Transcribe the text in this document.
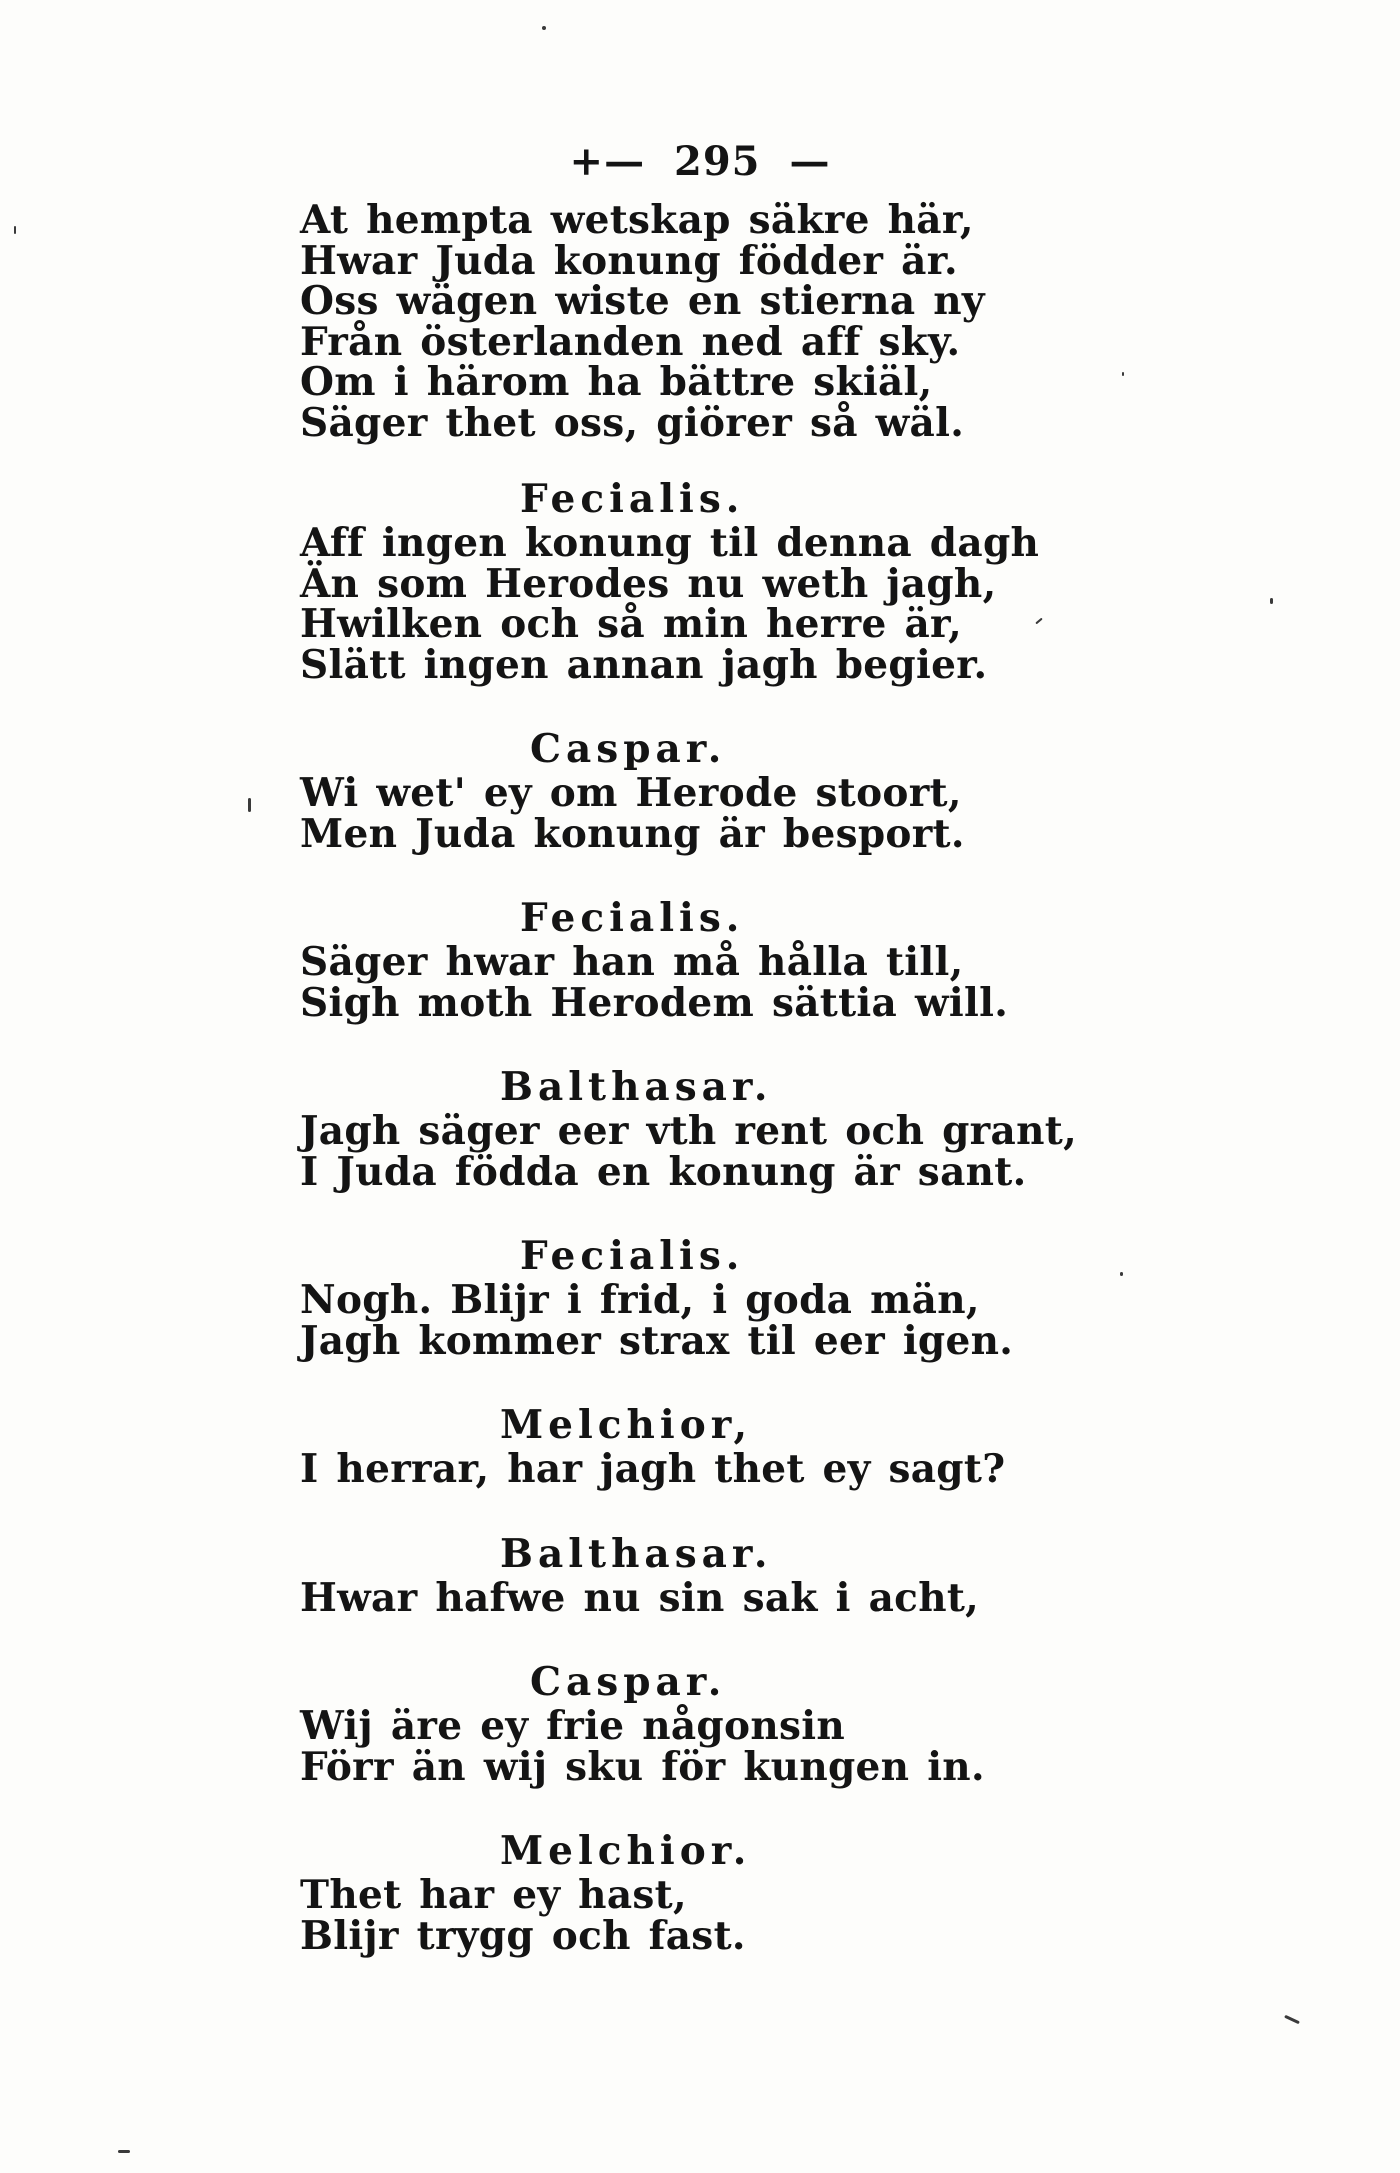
+— 295 —
At hempta wetskap säkre här,
Hwar Juda konung födder är.
Oss wägen wiste en stierna ny
Från österlanden ned aff sky.
Om i härom ha bättre skiäl,
Säger thet oss, giörer så wäl.
Fecialis.
Aff ingen konung til denna dagh
Än som Herodes nu weth jagh,
Hwilken och så min herre är,
Slätt ingen annan jagh begier.
Caspar.
Wi wet' ey om Herode stoort,
Men Juda konung är besport.
Fecialis.
Säger hwar han må hålla till,
Sigh moth Herodem sättia will.
Balthasar.
Jagh säger eer vth rent och grant,
I Juda födda en konung är sant.
Fecialis.
Nogh. Blijr i frid, i goda män,
Jagh kommer strax til eer igen.
Melchior,
I herrar, har jagh thet ey sagt?
Balthasar.
Hwar hafwe nu sin sak i acht,
Caspar.
Wij äre ey frie någonsin
Förr än wij sku för kungen in.
Melchior.
Thet har ey hast,
Blijr trygg och fast.
